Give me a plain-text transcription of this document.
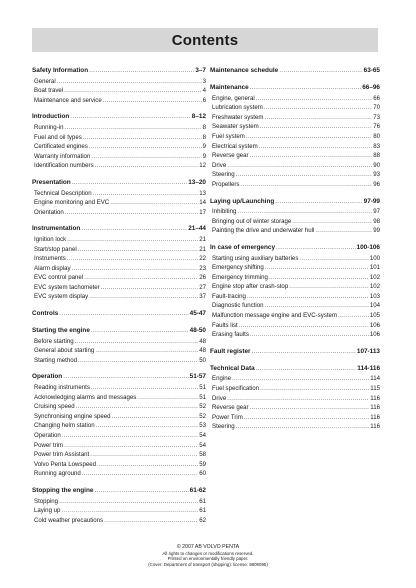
Contents
Safety Information .....	3–7
General .....	3
Boat travel .....	4
Maintenance and service .....	6
Introduction .....	8–12
Running-in .....	8
Fuel and oil types .....	8
Certificated engines .....	9
Warranty information .....	9
Identification numbers .....	12
Presentation .....	13–20
Technical Description .....	13
Engine monitoring and EVC .....	14
Orientation .....	17
Instrumentation .....	21–44
Ignition lock .....	21
Start/stop panel .....	21
Instruments .....	22
Alarm display .....	23
EVC control panel .....	26
EVC system tachometer .....	27
EVC system display .....	37
Controls .....	45-47
Starting the engine .....	48-50
Before starting .....	48
General about starting .....	48
Starting method .....	50
Operation .....	51-57
Reading instruments .....	51
Acknowledging alarms and messages .....	51
Cruising speed .....	52
Synchronising engine speed .....	52
Changing helm station .....	53
Operation .....	54
Power trim .....	54
Power trim Assistant .....	58
Volvo Penta Lowspeed .....	59
Running aground .....	60
Stopping the engine .....	61-62
Stopping .....	61
Laying up .....	61
Cold weather precautions .....	62
Maintenance schedule .....	63-65
Maintenance .....	66–96
Engine, general .....	66
Lubrication system .....	70
Freshwater system .....	73
Seawater system .....	76
Fuel system .....	80
Electrical system .....	83
Reverse gear .....	88
Drive .....	90
Steering .....	93
Propellers .....	96
Laying up/Launching .....	97-99
Inhibiting .....	97
Bringing out of winter storage .....	98
Painting the drive and underwater hull .....	99
In case of emergency .....	100-106
Starting using auxiliary batteries .....	100
Emergency shifting .....	101
Emergency trimming .....	102
Engine stop after crash-stop .....	102
Fault-tracing .....	103
Diagnostic function .....	104
Malfunction message engine and EVC-system .....	105
Faults list .....	106
Erasing faults .....	106
Fault register .....	107-113
Technical Data .....	114-116
Engine .....	114
Fuel specification .....	115
Drive .....	116
Reverse gear .....	116
Power Trim .....	116
Steering .....	116
© 2007 AB VOLVO PENTA
All rights to changes or modifications reserved.
Printed on environmentally friendly paper.
(Cover: Department of transport (shipping): license: 9809095)
